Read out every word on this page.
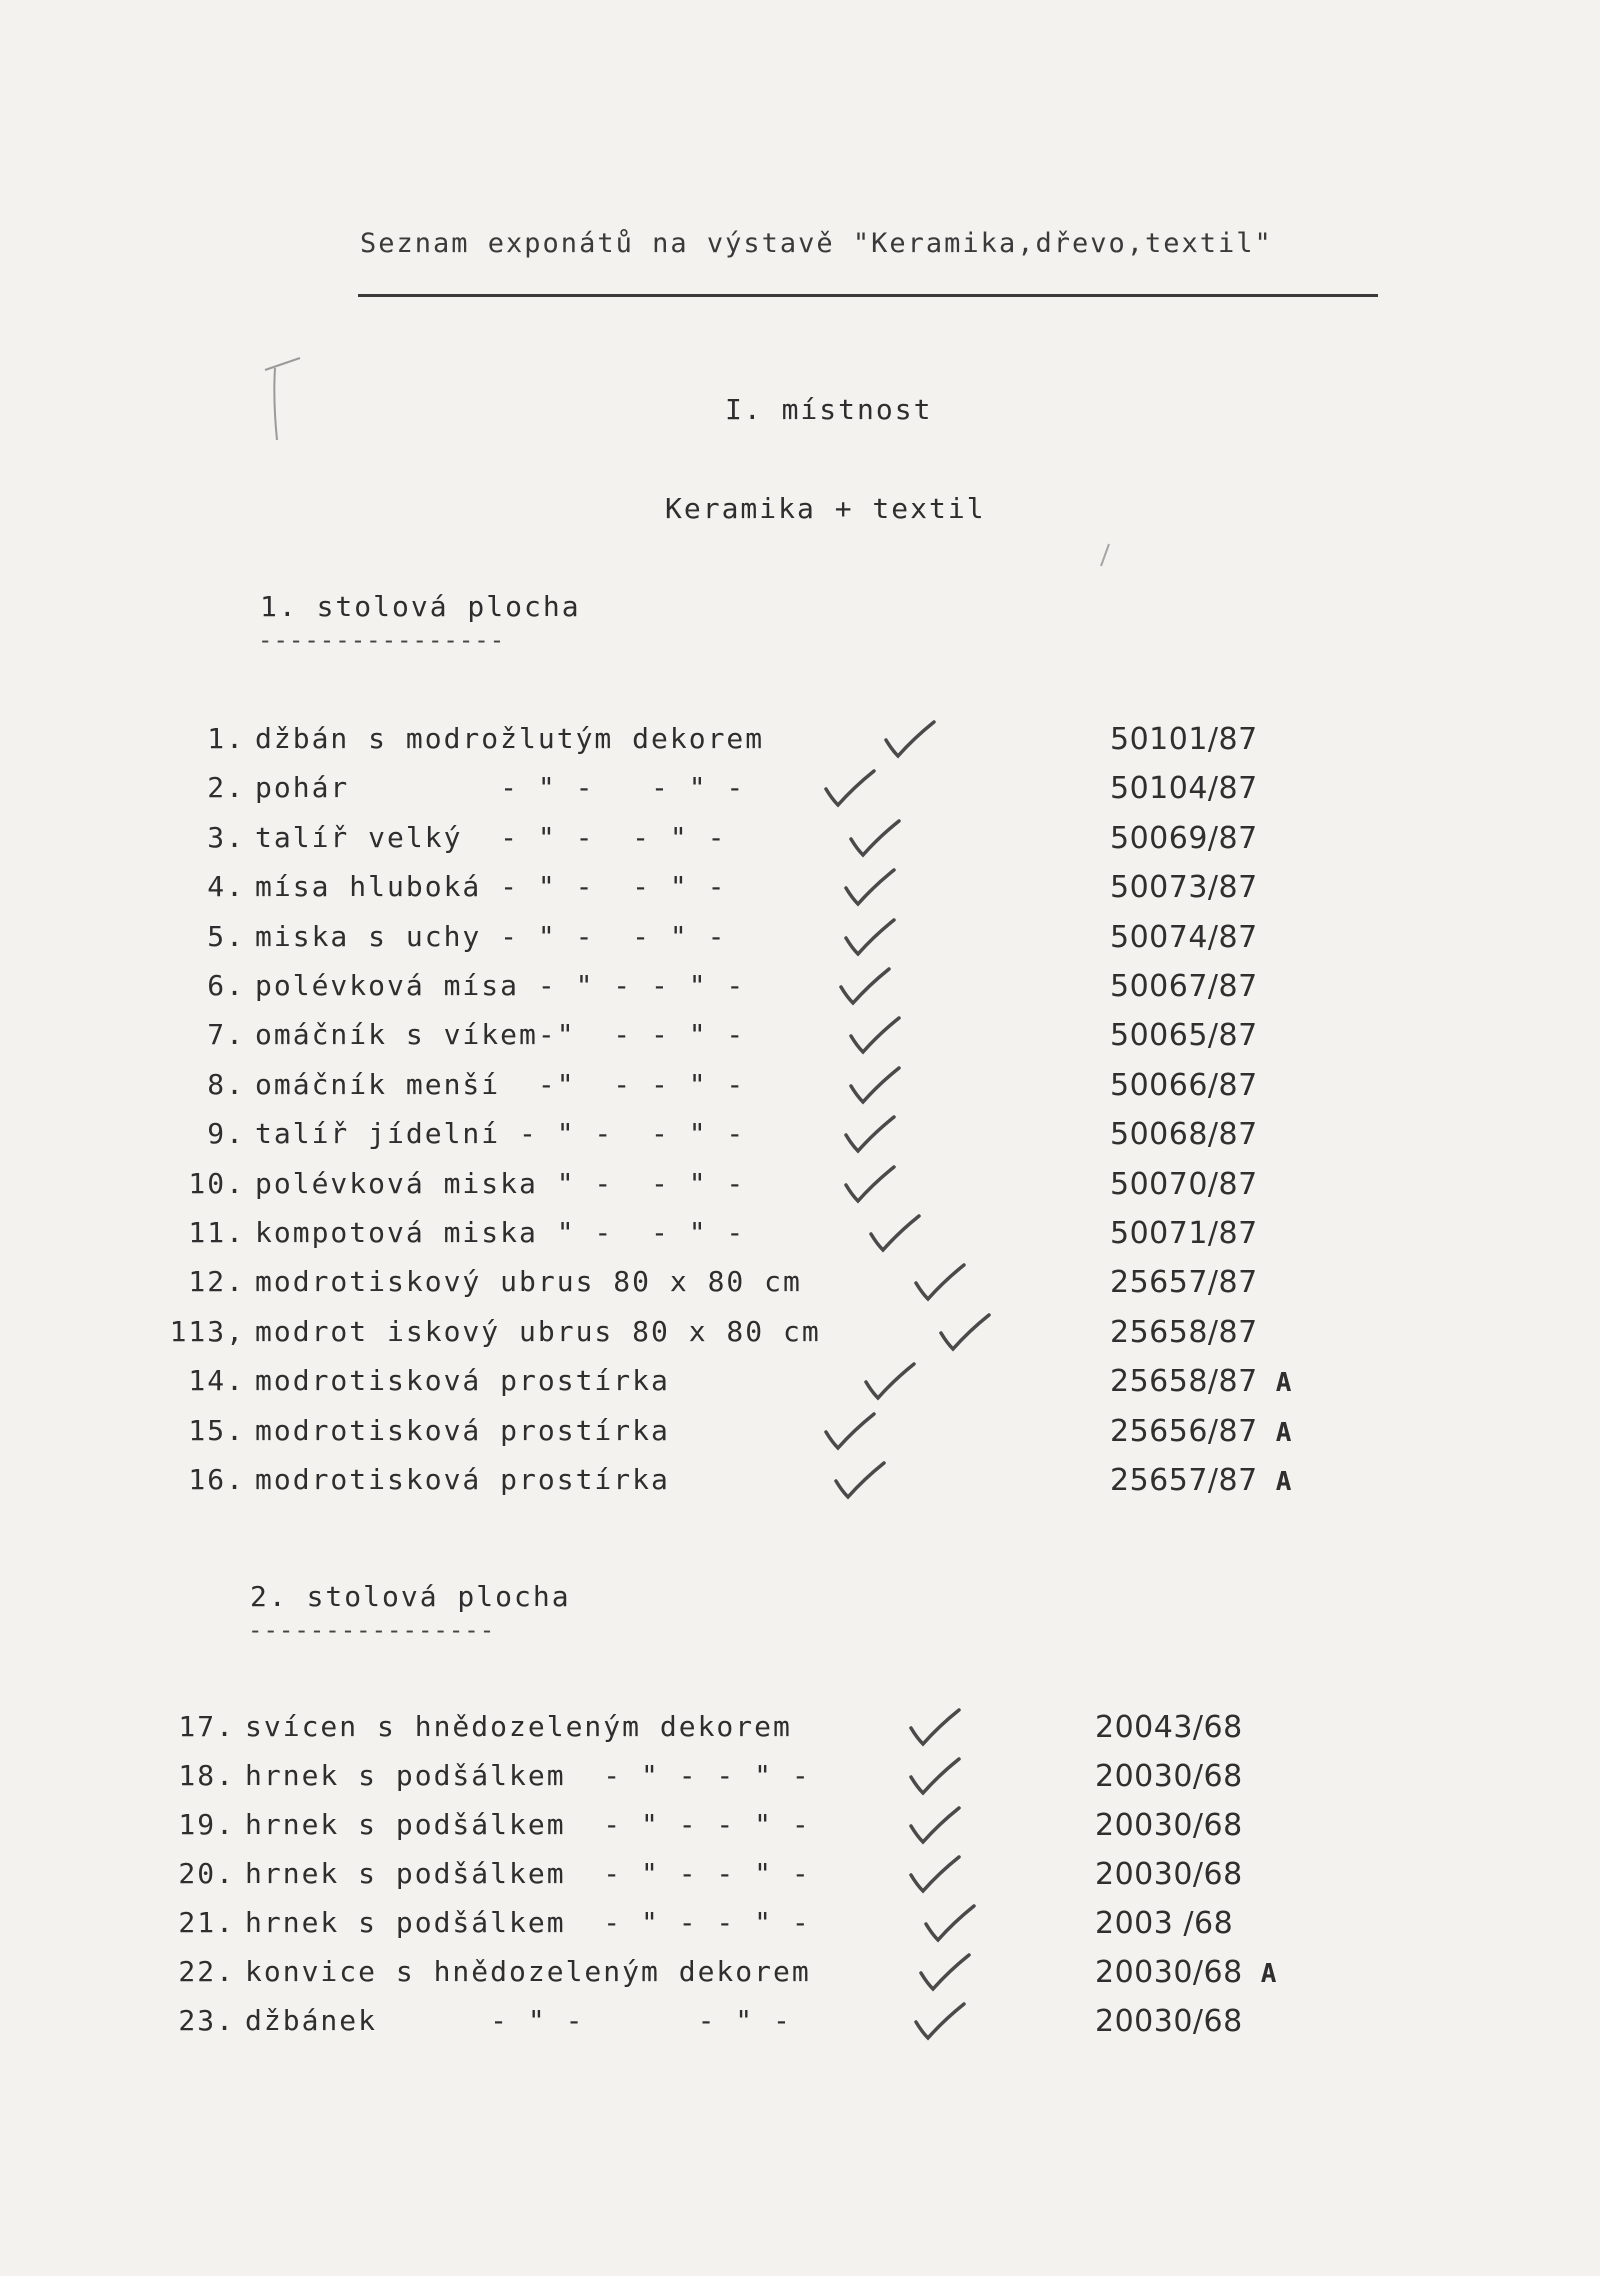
Seznam exponátů na výstavě "Keramika,dřevo,textil"
I. místnost
Keramika + textil
1. stolová plocha
----------------
1. džbán s modrožlutým dekorem	50101/87
2. pohár        - " -   - " -	50104/87
3. talíř velký  - " -  - " -	50069/87
4. mísa hluboká - " -  - " -	50073/87
5. miska s uchy - " -  - " -	50074/87
6. polévková mísa - " - - " -	50067/87
7. omáčník s víkem-"  - - " -	50065/87
8. omáčník menší  -"  - - " -	50066/87
9. talíř jídelní - " -  - " -	50068/87
10. polévková miska " -  - " -	50070/87
11. kompotová miska " -  - " -	50071/87
12. modrotiskový ubrus 80 x 80 cm	25657/87
113, modrot iskový ubrus 80 x 80 cm	25658/87
14. modrotisková prostírka	25658/87 A
15. modrotisková prostírka	25656/87 A
16. modrotisková prostírka	25657/87 A
2. stolová plocha
----------------
17. svícen s hnědozeleným dekorem	20043/68
18. hrnek s podšálkem  - " - - " -	20030/68
19. hrnek s podšálkem  - " - - " -	20030/68
20. hrnek s podšálkem  - " - - " -	20030/68
21. hrnek s podšálkem  - " - - " -	2003 /68
22. konvice s hnědozeleným dekorem	20030/68 A
23. džbánek      - " -      - " -	20030/68
